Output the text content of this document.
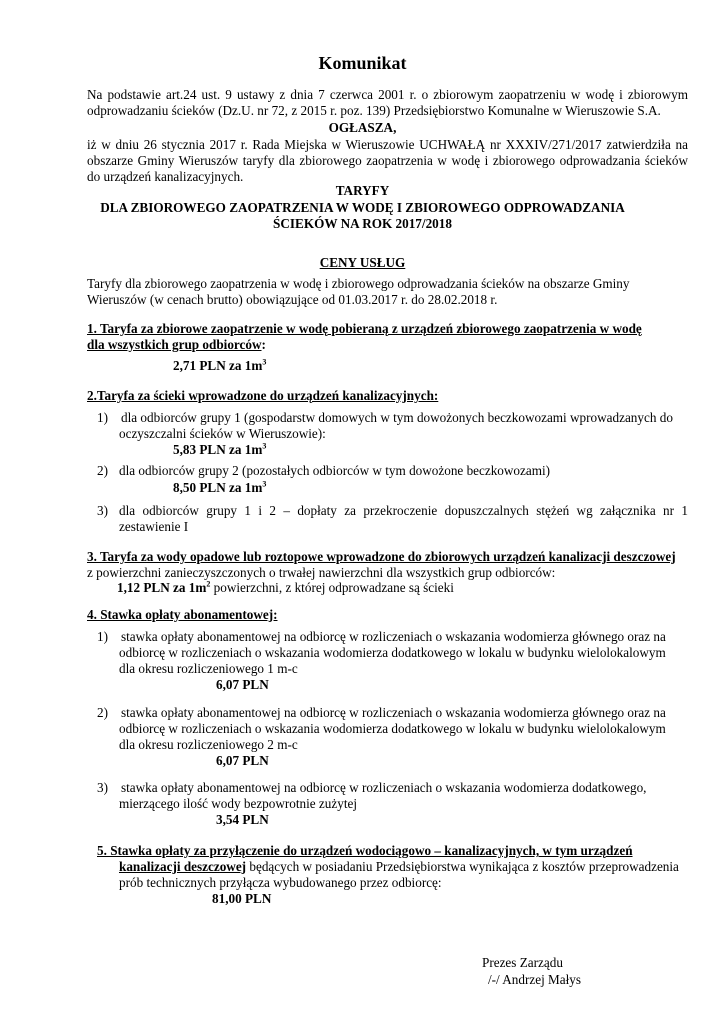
Komunikat
Na podstawie art.24 ust. 9 ustawy z dnia 7 czerwca 2001 r. o zbiorowym zaopatrzeniu w wodę i zbiorowym
odprowadzaniu ścieków (Dz.U. nr 72, z 2015 r. poz. 139) Przedsiębiorstwo Komunalne w Wieruszowie S.A.
OGŁASZA,
iż w dniu 26 stycznia 2017 r. Rada Miejska w Wieruszowie UCHWAŁĄ nr XXXIV/271/2017 zatwierdziła na
obszarze Gminy Wieruszów taryfy dla zbiorowego zaopatrzenia w wodę i zbiorowego odprowadzania ścieków
do urządzeń kanalizacyjnych.
TARYFY
DLA ZBIOROWEGO ZAOPATRZENIA W WODĘ I ZBIOROWEGO ODPROWADZANIA
ŚCIEKÓW NA ROK 2017/2018
CENY USŁUG
Taryfy dla zbiorowego zaopatrzenia w wodę i zbiorowego odprowadzania ścieków na obszarze Gminy
Wieruszów (w cenach brutto) obowiązujące od 01.03.2017 r. do 28.02.2018 r.
1. Taryfa za zbiorowe zaopatrzenie w wodę pobieraną z urządzeń zbiorowego zaopatrzenia w wodę
dla wszystkich grup odbiorców:
2,71 PLN za $1m^3$
2.Taryfa za ścieki wprowadzone do urządzeń kanalizacyjnych:
1) dla odbiorców grupy 1 (gospodarstw domowych w tym dowożonych beczkowozami wprowadzanych do
oczyszczalni ścieków w Wieruszowie):
5,83 PLN za $1m^3$
2) dla odbiorców grupy 2 (pozostałych odbiorców w tym dowożone beczkowozami)
8,50 PLN za $1m^3$
3) dla odbiorców grupy 1 i 2 – dopłaty za przekroczenie dopuszczalnych stężeń wg załącznika nr 1
zestawienie I
3. Taryfa za wody opadowe lub roztopowe wprowadzone do zbiorowych urządzeń kanalizacji deszczowej
z powierzchni zanieczyszczonych o trwałej nawierzchni dla wszystkich grup odbiorców:
1,12 PLN za $1m^2$ powierzchni, z której odprowadzane są ścieki
4. Stawka opłaty abonamentowej:
1) stawka opłaty abonamentowej na odbiorcę w rozliczeniach o wskazania wodomierza głównego oraz na
odbiorcę w rozliczeniach o wskazania wodomierza dodatkowego w lokalu w budynku wielolokalowym
dla okresu rozliczeniowego 1 m-c
6,07 PLN
2) stawka opłaty abonamentowej na odbiorcę w rozliczeniach o wskazania wodomierza głównego oraz na
odbiorcę w rozliczeniach o wskazania wodomierza dodatkowego w lokalu w budynku wielolokalowym
dla okresu rozliczeniowego 2 m-c
6,07 PLN
3) stawka opłaty abonamentowej na odbiorcę w rozliczeniach o wskazania wodomierza dodatkowego,
mierzącego ilość wody bezpowrotnie zużytej
3,54 PLN
5. Stawka opłaty za przyłączenie do urządzeń wodociągowo – kanalizacyjnych, w tym urządzeń
kanalizacji deszczowej będących w posiadaniu Przedsiębiorstwa wynikająca z kosztów przeprowadzenia
prób technicznych przyłącza wybudowanego przez odbiorcę:
81,00 PLN
Prezes Zarządu
/-/ Andrzej Małys
